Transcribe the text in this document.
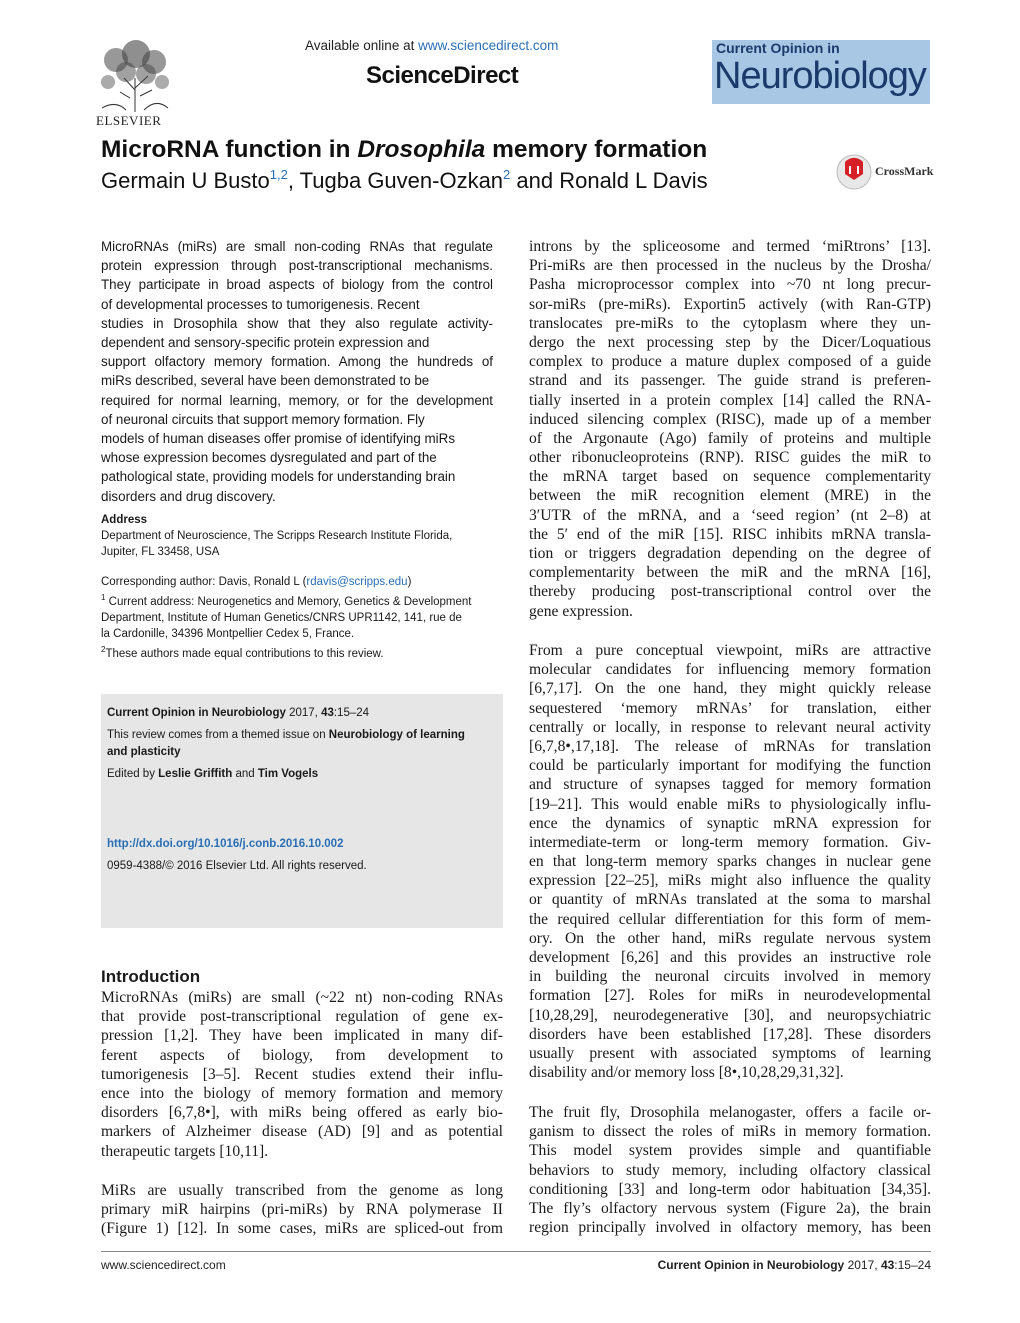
ELSEVIER
Available online at www.sciencedirect.com
ScienceDirect
Current Opinion in
Neurobiology
MicroRNA function in Drosophila memory formation
Germain U Busto$^{1,2}$, Tugba Guven-Ozkan$^2$ and Ronald L Davis	CrossMark
MicroRNAs (miRs) are small non-coding RNAs that regulate
protein expression through post-transcriptional mechanisms.
They participate in broad aspects of biology from the control
of developmental processes to tumorigenesis. Recent
studies in Drosophila show that they also regulate activity-
dependent and sensory-specific protein expression and
support olfactory memory formation. Among the hundreds of
miRs described, several have been demonstrated to be
required for normal learning, memory, or for the development
of neuronal circuits that support memory formation. Fly
models of human diseases offer promise of identifying miRs
whose expression becomes dysregulated and part of the
pathological state, providing models for understanding brain
disorders and drug discovery.
Address
Department of Neuroscience, The Scripps Research Institute Florida,
Jupiter, FL 33458, USA
Corresponding author: Davis, Ronald L (rdavis@scripps.edu)
$^1$ Current address: Neurogenetics and Memory, Genetics & Development
Department, Institute of Human Genetics/CNRS UPR1142, 141, rue de
la Cardonille, 34396 Montpellier Cedex 5, France.
$^2$These authors made equal contributions to this review.
Current Opinion in Neurobiology 2017, 43:15–24
This review comes from a themed issue on Neurobiology of learning
and plasticity
Edited by Leslie Griffith and Tim Vogels
http://dx.doi.org/10.1016/j.conb.2016.10.002
0959-4388/© 2016 Elsevier Ltd. All rights reserved.
Introduction
MicroRNAs (miRs) are small (~22 nt) non-coding RNAs
that provide post-transcriptional regulation of gene ex-
pression [1,2]. They have been implicated in many dif-
ferent aspects of biology, from development to
tumorigenesis [3–5]. Recent studies extend their influ-
ence into the biology of memory formation and memory
disorders [6,7,8•], with miRs being offered as early bio-
markers of Alzheimer disease (AD) [9] and as potential
therapeutic targets [10,11].
MiRs are usually transcribed from the genome as long
primary miR hairpins (pri-miRs) by RNA polymerase II
(Figure 1) [12]. In some cases, miRs are spliced-out from
introns by the spliceosome and termed ‘miRtrons’ [13].
Pri-miRs are then processed in the nucleus by the Drosha/
Pasha microprocessor complex into ~70 nt long precur-
sor-miRs (pre-miRs). Exportin5 actively (with Ran-GTP)
translocates pre-miRs to the cytoplasm where they un-
dergo the next processing step by the Dicer/Loquatious
complex to produce a mature duplex composed of a guide
strand and its passenger. The guide strand is preferen-
tially inserted in a protein complex [14] called the RNA-
induced silencing complex (RISC), made up of a member
of the Argonaute (Ago) family of proteins and multiple
other ribonucleoproteins (RNP). RISC guides the miR to
the mRNA target based on sequence complementarity
between the miR recognition element (MRE) in the
3′UTR of the mRNA, and a ‘seed region’ (nt 2–8) at
the 5′ end of the miR [15]. RISC inhibits mRNA transla-
tion or triggers degradation depending on the degree of
complementarity between the miR and the mRNA [16],
thereby producing post-transcriptional control over the
gene expression.
From a pure conceptual viewpoint, miRs are attractive
molecular candidates for influencing memory formation
[6,7,17]. On the one hand, they might quickly release
sequestered ‘memory mRNAs’ for translation, either
centrally or locally, in response to relevant neural activity
[6,7,8•,17,18]. The release of mRNAs for translation
could be particularly important for modifying the function
and structure of synapses tagged for memory formation
[19–21]. This would enable miRs to physiologically influ-
ence the dynamics of synaptic mRNA expression for
intermediate-term or long-term memory formation. Giv-
en that long-term memory sparks changes in nuclear gene
expression [22–25], miRs might also influence the quality
or quantity of mRNAs translated at the soma to marshal
the required cellular differentiation for this form of mem-
ory. On the other hand, miRs regulate nervous system
development [6,26] and this provides an instructive role
in building the neuronal circuits involved in memory
formation [27]. Roles for miRs in neurodevelopmental
[10,28,29], neurodegenerative [30], and neuropsychiatric
disorders have been established [17,28]. These disorders
usually present with associated symptoms of learning
disability and/or memory loss [8•,10,28,29,31,32].
The fruit fly, Drosophila melanogaster, offers a facile or-
ganism to dissect the roles of miRs in memory formation.
This model system provides simple and quantifiable
behaviors to study memory, including olfactory classical
conditioning [33] and long-term odor habituation [34,35].
The fly’s olfactory nervous system (Figure 2a), the brain
region principally involved in olfactory memory, has been
www.sciencedirect.com	Current Opinion in Neurobiology 2017, 43:15–24
